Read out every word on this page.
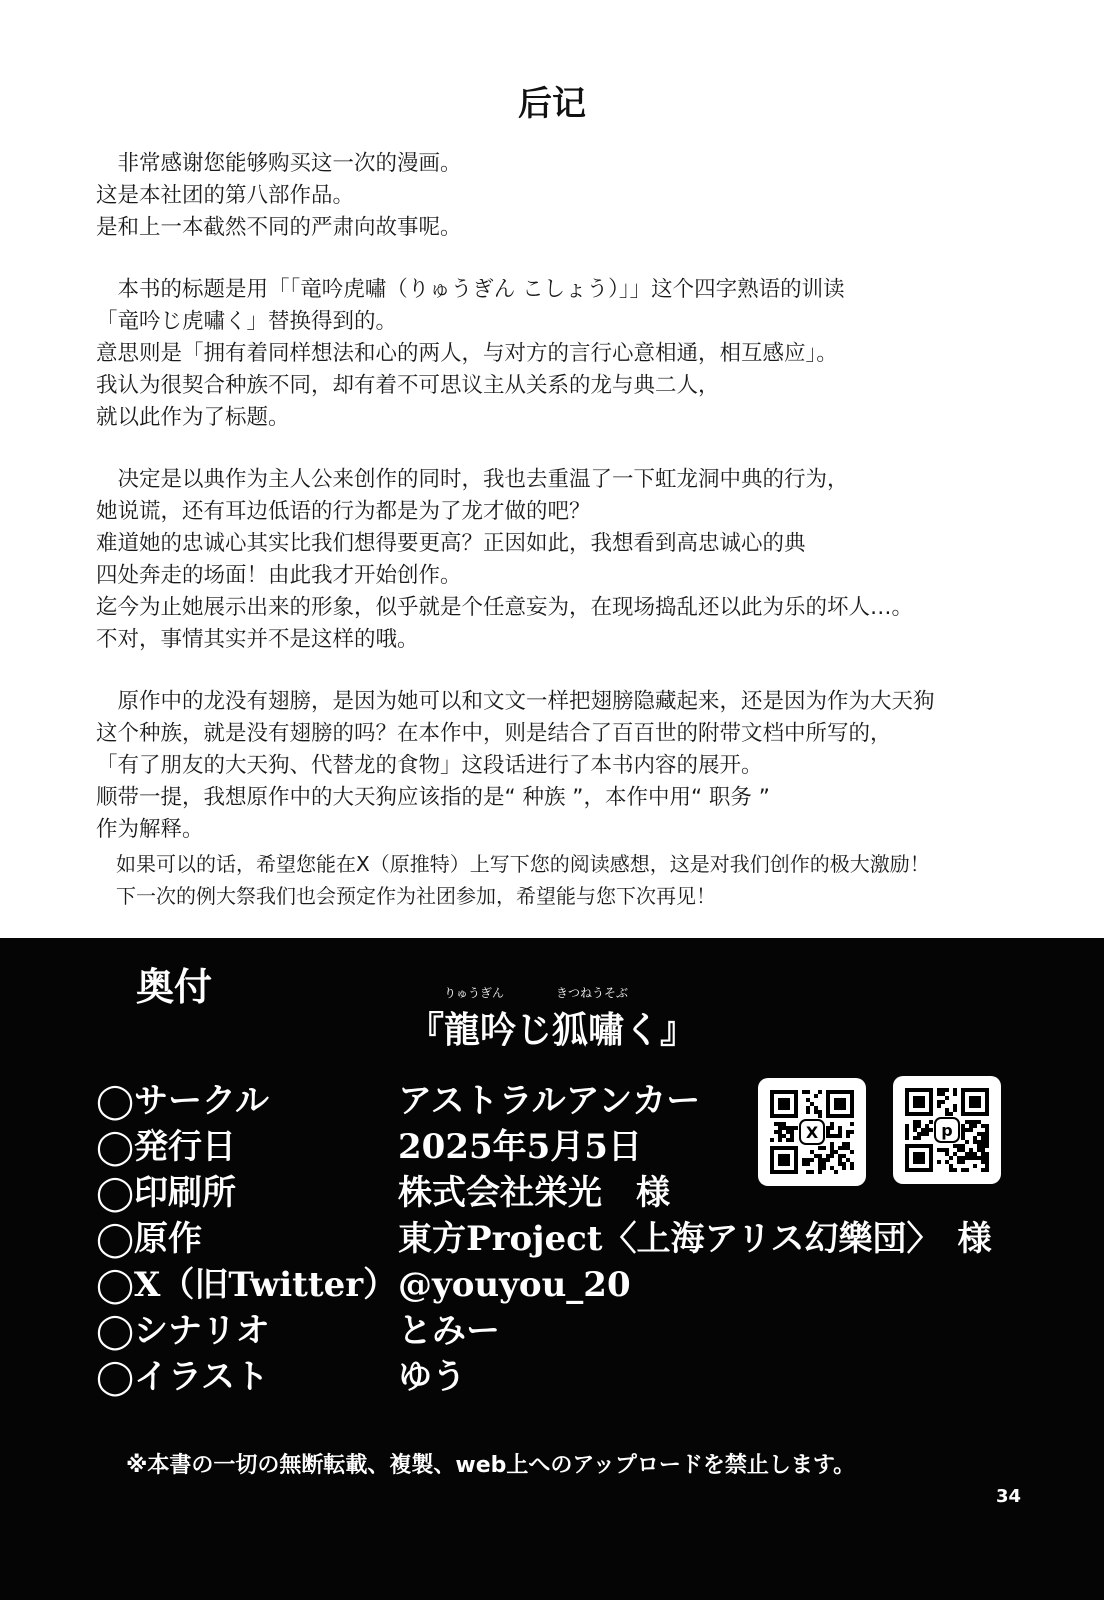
后记
　非常感谢您能够购买这一次的漫画。
这是本社团的第八部作品。
是和上一本截然不同的严肃向故事呢。
　本书的标题是用「「竜吟虎嘯（りゅうぎん こしょう）」」这个四字熟语的训读
「竜吟じ虎嘯く」替换得到的。
意思则是「拥有着同样想法和心的两人，与对方的言行心意相通，相互感应」。
我认为很契合种族不同，却有着不可思议主从关系的龙与典二人，
就以此作为了标题。
　决定是以典作为主人公来创作的同时，我也去重温了一下虹龙洞中典的行为，
她说谎，还有耳边低语的行为都是为了龙才做的吧？
难道她的忠诚心其实比我们想得要更高？正因如此，我想看到高忠诚心的典
四处奔走的场面！由此我才开始创作。
迄今为止她展示出来的形象，似乎就是个任意妄为，在现场捣乱还以此为乐的坏人…。
不对，事情其实并不是这样的哦。
　原作中的龙没有翅膀，是因为她可以和文文一样把翅膀隐藏起来，还是因为作为大天狗
这个种族，就是没有翅膀的吗？在本作中，则是结合了百百世的附带文档中所写的，
「有了朋友的大天狗、代替龙的食物」这段话进行了本书内容的展开。
顺带一提，我想原作中的大天狗应该指的是“ 种族 ”，本作中用“ 职务 ”
作为解释。
如果可以的话，希望您能在X（原推特）上写下您的阅读感想，这是对我们创作的极大激励！
下一次的例大祭我们也会预定作为社团参加，希望能与您下次再见！
奥付	りゅうぎん	きつねうそぶ
『龍吟じ狐嘯く』
◯サークル	アストラルアンカー
◯発行日	2025年5月5日
◯印刷所	株式会社栄光　様
◯原作	東方Project〈上海アリス幻樂団〉　様
◯X（旧Twitter） @youyou_20
◯シナリオ	とみー
◯イラスト	ゆう
X	p
※本書の一切の無断転載、複製、web上へのアップロードを禁止します。
34
